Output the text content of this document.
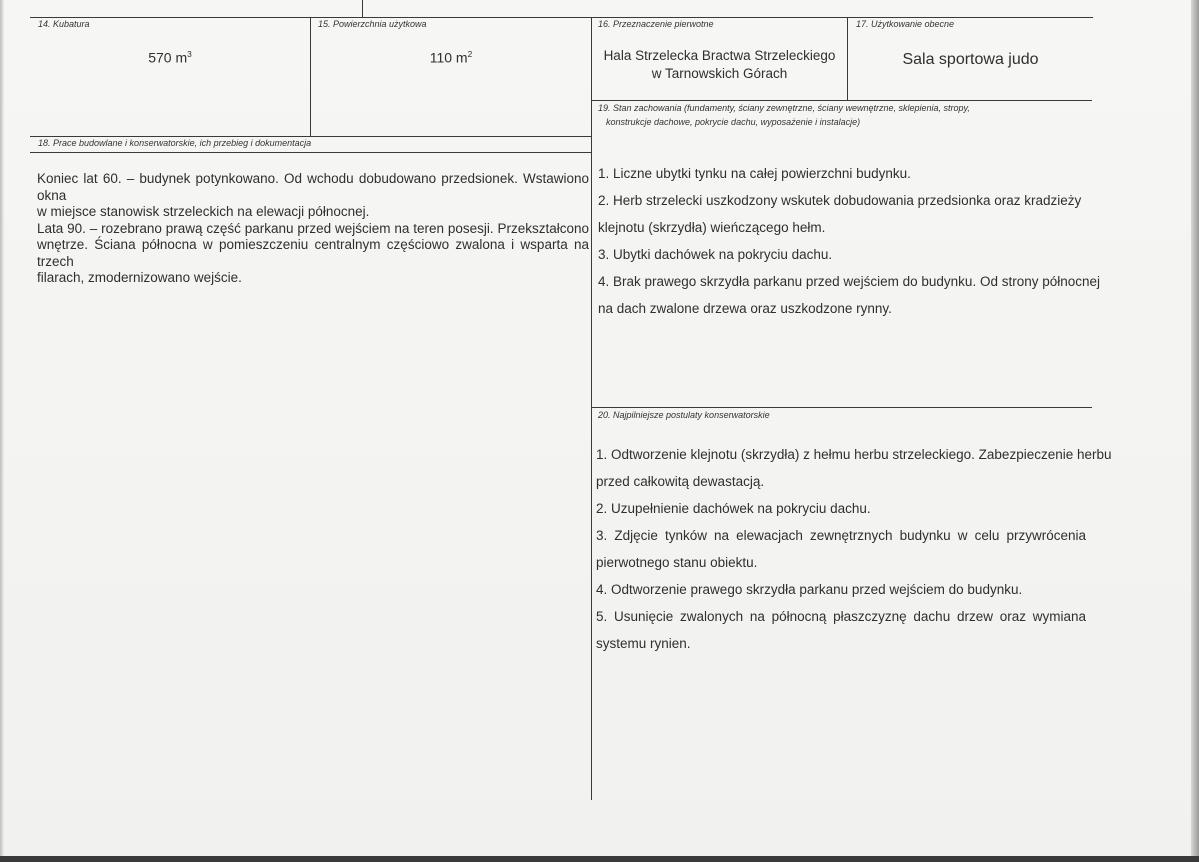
14. Kubatura
570 $m^3$
15. Powierzchnia użytkowa
110 $m^2$
16. Przeznaczenie pierwotne
Hala Strzelecka Bractwa Strzeleckiego
w Tarnowskich Górach
17. Użytkowanie obecne
Sala sportowa judo
18. Prace budowlane i konserwatorskie, ich przebieg i dokumentacja
Koniec lat 60. – budynek potynkowano. Od wchodu dobudowano przedsionek. Wstawiono okna
w miejsce stanowisk strzeleckich na elewacji północnej.
Lata 90. – rozebrano prawą część parkanu przed wejściem na teren posesji. Przekształcono
wnętrze. Ściana północna w pomieszczeniu centralnym częściowo zwalona i wsparta na trzech
filarach, zmodernizowano wejście.
19. Stan zachowania (fundamenty, ściany zewnętrzne, ściany wewnętrzne, sklepienia, stropy,
konstrukcje dachowe, pokrycie dachu, wyposażenie i instalacje)
1. Liczne ubytki tynku na całej powierzchni budynku.
2. Herb strzelecki uszkodzony wskutek dobudowania przedsionka oraz kradzieży
klejnotu (skrzydła) wieńczącego hełm.
3. Ubytki dachówek na pokryciu dachu.
4. Brak prawego skrzydła parkanu przed wejściem do budynku. Od strony północnej
na dach zwalone drzewa oraz uszkodzone rynny.
20. Najpilniejsze postulaty konserwatorskie
1. Odtworzenie klejnotu (skrzydła) z hełmu herbu strzeleckiego. Zabezpieczenie herbu
przed całkowitą dewastacją.
2. Uzupełnienie dachówek na pokryciu dachu.
3. Zdjęcie tynków na elewacjach zewnętrznych budynku w celu przywrócenia
pierwotnego stanu obiektu.
4. Odtworzenie prawego skrzydła parkanu przed wejściem do budynku.
5. Usunięcie zwalonych na północną płaszczyznę dachu drzew oraz wymiana
systemu rynien.
